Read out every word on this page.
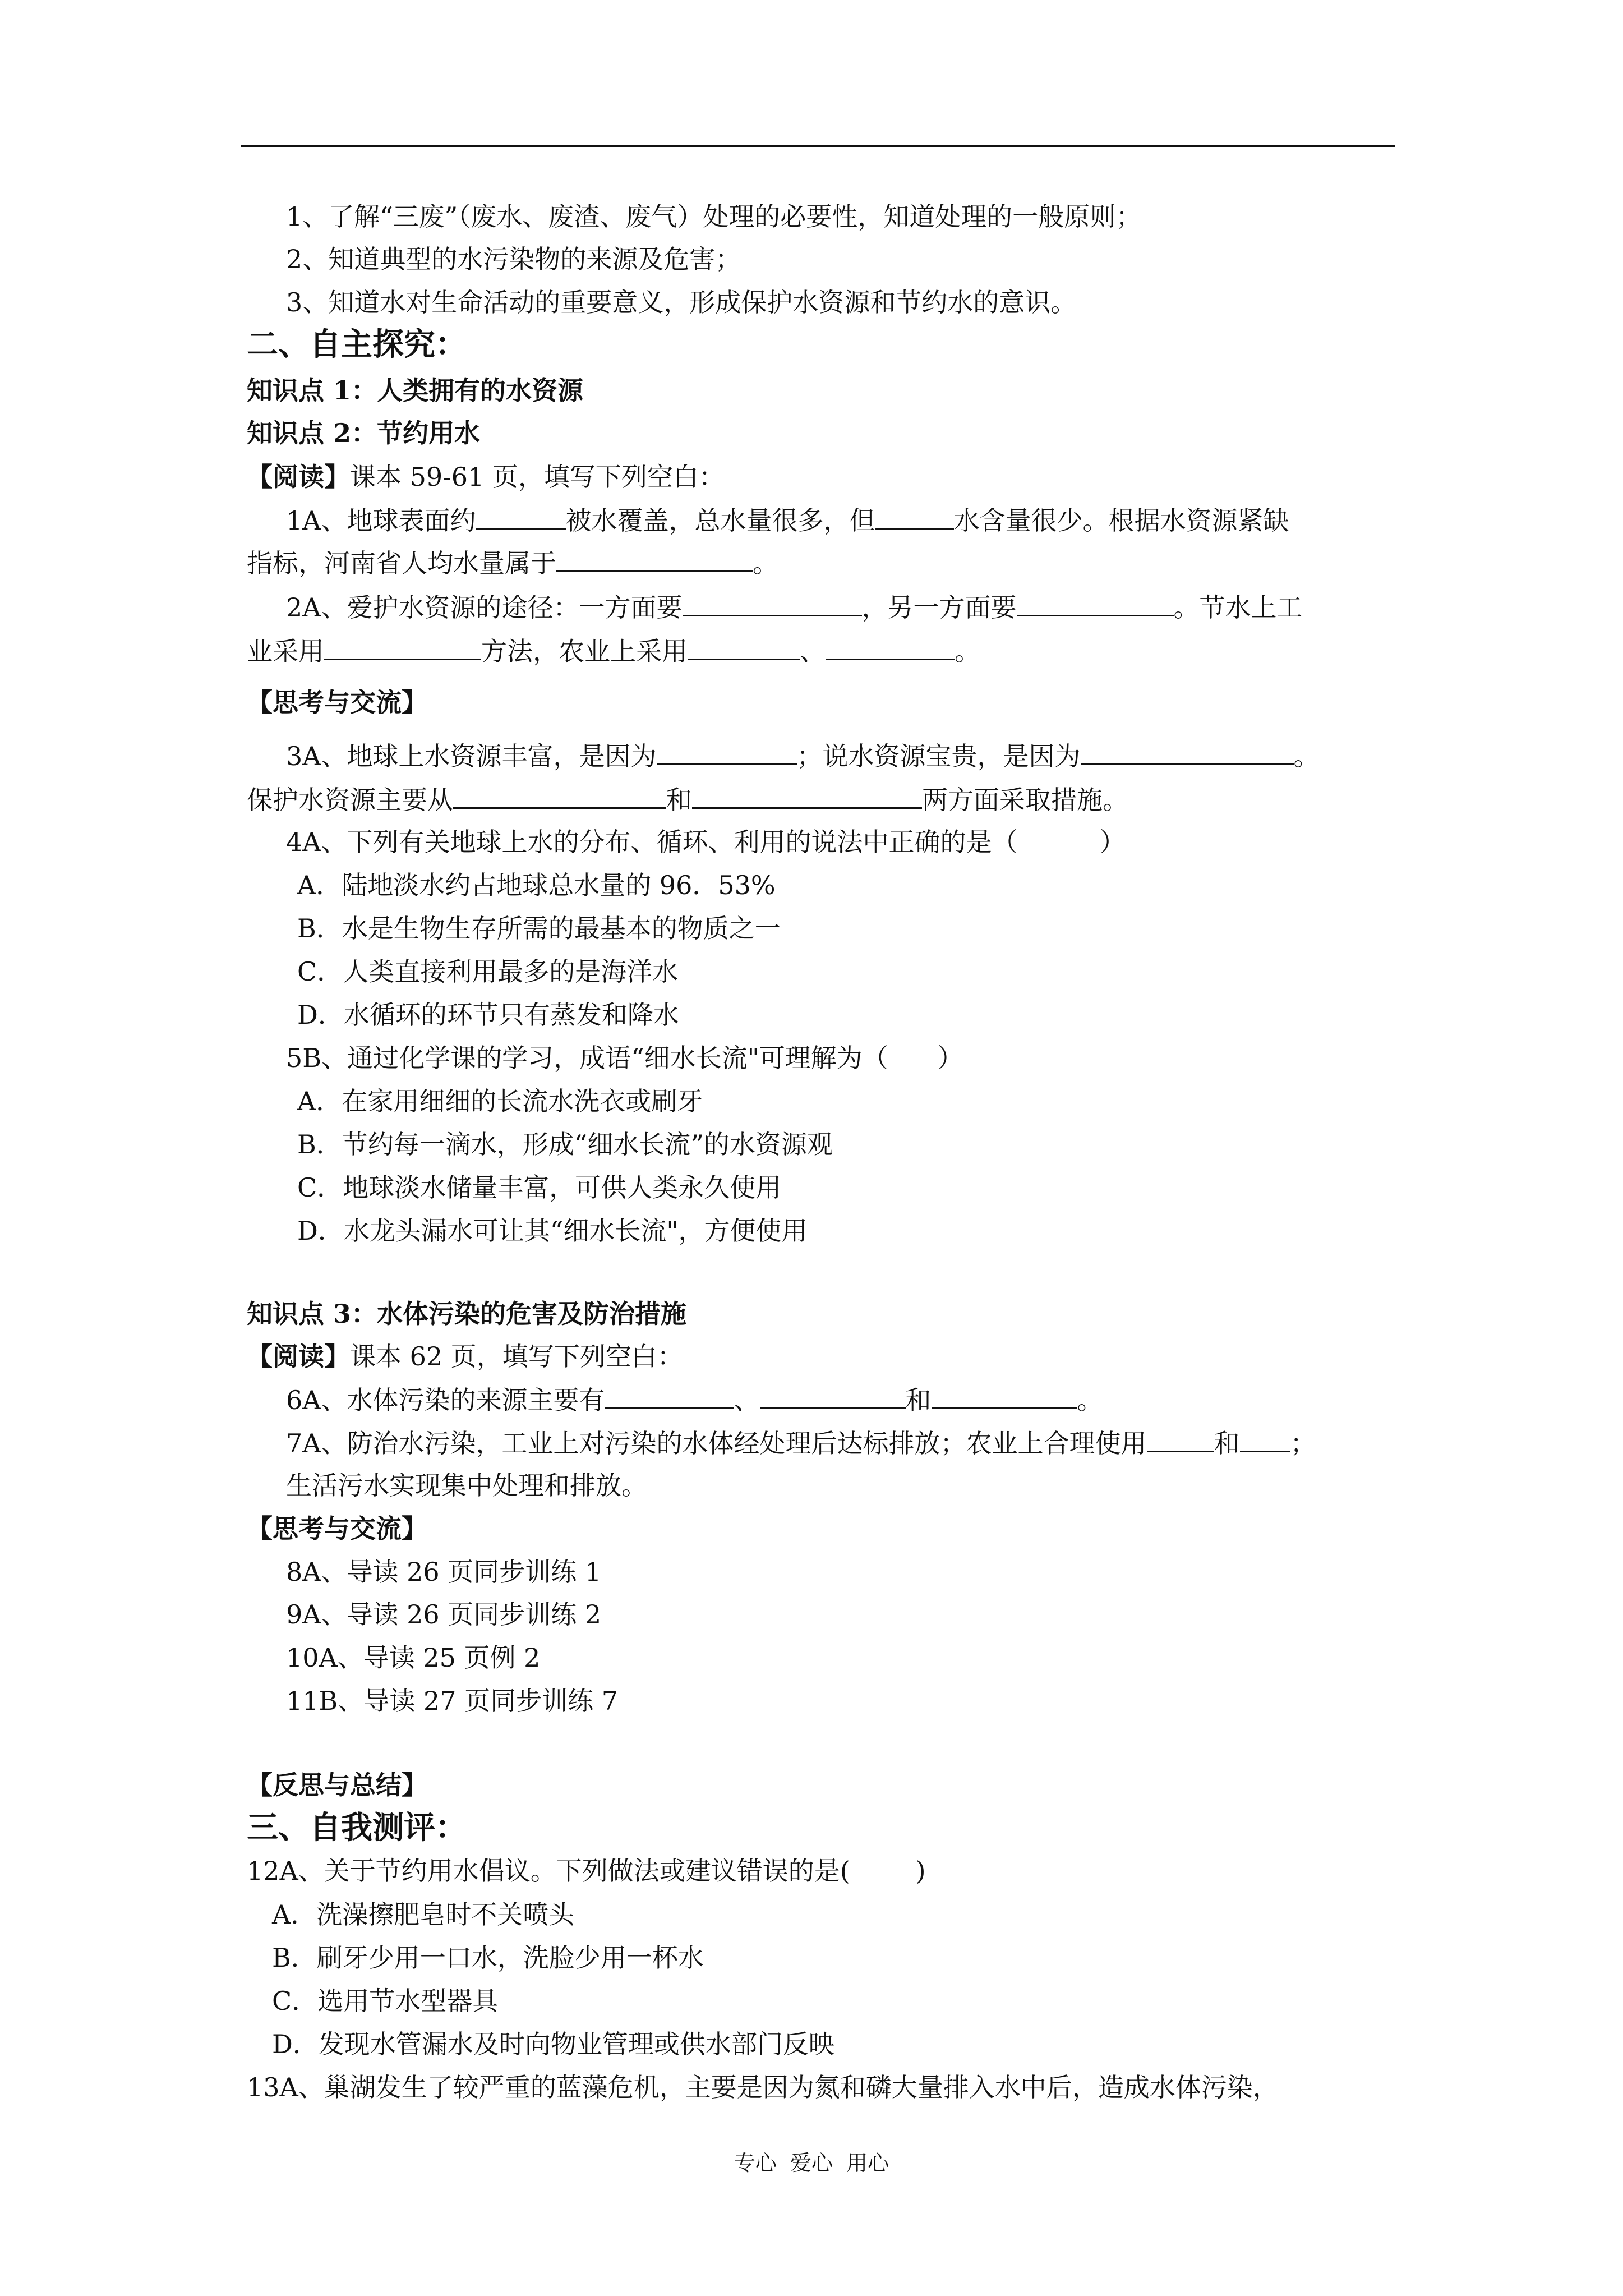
1、了解“三废”（废水、废渣、废气）处理的必要性，知道处理的一般原则；
2、知道典型的水污染物的来源及危害；
3、知道水对生命活动的重要意义，形成保护水资源和节约水的意识。
二、自主探究：
知识点 1：人类拥有的水资源
知识点 2：节约用水
【阅读】课本 59-61 页，填写下列空白：
1A、地球表面约	被水覆盖，总水量很多，但	水含量很少。根据水资源紧缺
指标，河南省人均水量属于	。
2A、爱护水资源的途径：一方面要	，另一方面要	。节水上工
业采用	方法，农业上采用	、	。
【思考与交流】
3A、地球上水资源丰富，是因为	；说水资源宝贵，是因为	。
保护水资源主要从	和	两方面采取措施。
4A、下列有关地球上水的分布、循环、利用的说法中正确的是（          ）
A．陆地淡水约占地球总水量的 96．53%
B．水是生物生存所需的最基本的物质之一
C．人类直接利用最多的是海洋水
D．水循环的环节只有蒸发和降水
5B、通过化学课的学习，成语“细水长流"可理解为（      ）
A．在家用细细的长流水洗衣或刷牙
B．节约每一滴水，形成“细水长流”的水资源观
C．地球淡水储量丰富，可供人类永久使用
D．水龙头漏水可让其“细水长流"，方便使用
知识点 3：水体污染的危害及防治措施
【阅读】课本 62 页，填写下列空白：
6A、水体污染的来源主要有	、	和	。
7A、防治水污染，工业上对污染的水体经处理后达标排放；农业上合理使用	和 ；
生活污水实现集中处理和排放。
【思考与交流】
8A、导读 26 页同步训练 1
9A、导读 26 页同步训练 2
10A、导读 25 页例 2
11B、导读 27 页同步训练 7
【反思与总结】
三、自我测评：
12A、关于节约用水倡议。下列做法或建议错误的是(        )
A．洗澡擦肥皂时不关喷头
B．刷牙少用一口水，洗脸少用一杯水
C．选用节水型器具
D．发现水管漏水及时向物业管理或供水部门反映
13A、巢湖发生了较严重的蓝藻危机，主要是因为氮和磷大量排入水中后，造成水体污染，
专心  爱心  用心
